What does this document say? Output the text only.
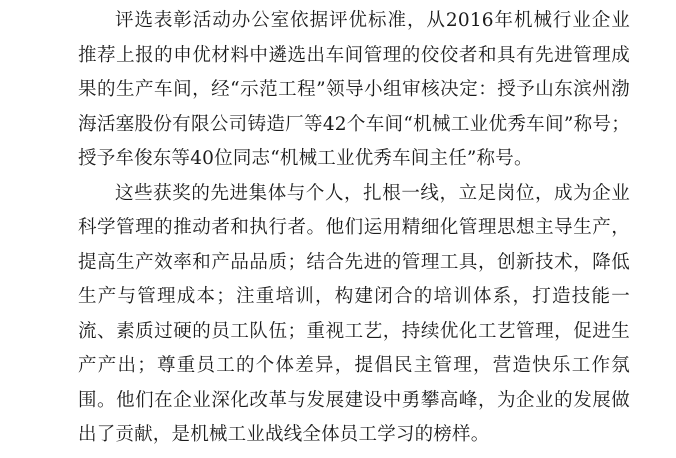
评选表彰活动办公室依据评优标准，从2016年机械行业企业推荐上报的申优材料中遴选出车间管理的佼佼者和具有先进管理成果的生产车间，经“示范工程”领导小组审核决定：授予山东滨州渤海活塞股份有限公司铸造厂等42个车间“机械工业优秀车间”称号；授予牟俊东等40位同志“机械工业优秀车间主任”称号。

这些获奖的先进集体与个人，扎根一线，立足岗位，成为企业科学管理的推动者和执行者。他们运用精细化管理思想主导生产，提高生产效率和产品品质；结合先进的管理工具，创新技术，降低生产与管理成本；注重培训，构建闭合的培训体系，打造技能一流、素质过硬的员工队伍；重视工艺，持续优化工艺管理，促进生产产出；尊重员工的个体差异，提倡民主管理，营造快乐工作氛围。他们在企业深化改革与发展建设中勇攀高峰，为企业的发展做出了贡献，是机械工业战线全体员工学习的榜样。
